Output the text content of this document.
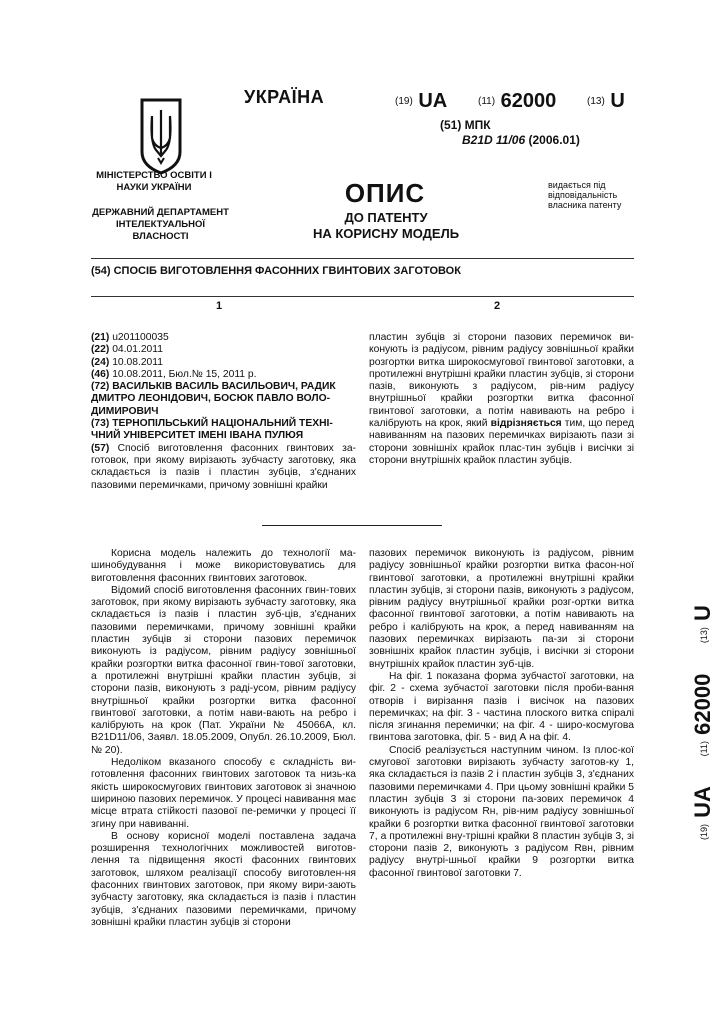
УКРАЇНА
МІНІСТЕРСТВО ОСВІТИ І НАУКИ УКРАЇНИ
ДЕРЖАВНИЙ ДЕПАРТАМЕНТ ІНТЕЛЕКТУАЛЬНОЇ ВЛАСНОСТІ
(19) UA	(11) 62000	(13) U
(51) МПК
B21D 11/06 (2006.01)
ОПИС
ДО ПАТЕНТУ
НА КОРИСНУ МОДЕЛЬ
видається під відповідальність власника патенту
(54) СПОСІБ ВИГОТОВЛЕННЯ ФАСОННИХ ГВИНТОВИХ ЗАГОТОВОК
1	2
(21) u201100035
(22) 04.01.2011
(24) 10.08.2011
(46) 10.08.2011, Бюл.№ 15, 2011 р.
(72) ВАСИЛЬКІВ ВАСИЛЬ ВАСИЛЬОВИЧ, РАДИК ДМИТРО ЛЕОНІДОВИЧ, БОСЮК ПАВЛО ВОЛО-ДИМИРОВИЧ
(73) ТЕРНОПІЛЬСЬКИЙ НАЦІОНАЛЬНИЙ ТЕХНІ-ЧНИЙ УНІВЕРСИТЕТ ІМЕНІ ІВАНА ПУЛЮЯ
(57) Спосіб виготовлення фасонних гвинтових за-готовок, при якому вирізають зубчасту заготовку, яка складається із пазів і пластин зубців, з'єднаних пазовими перемичками, причому зовнішні крайки
пластин зубців зі сторони пазових перемичок ви-конують із радіусом, рівним радіусу зовнішньої крайки розгортки витка широкосмугової гвинтової заготовки, а протилежні внутрішні крайки пластин зубців, зі сторони пазів, виконують з радіусом, рів-ним радіусу внутрішньої крайки розгортки витка фасонної гвинтової заготовки, а потім навивають на ребро і калібрують на крок, який відрізняється тим, що перед навиванням на пазових перемичках вирізають пази зі сторони зовнішніх крайок плас-тин зубців і висічки зі сторони внутрішніх крайок пластин зубців.

Корисна модель належить до технології ма-шинобудування і може використовуватись для виготовлення фасонних гвинтових заготовок.

Відомий спосіб виготовлення фасонних гвин-тових заготовок, при якому вирізають зубчасту заготовку, яка складається із пазів і пластин зуб-ців, з'єднаних пазовими перемичками, причому зовнішні крайки пластин зубців зі сторони пазових перемичок виконують із радіусом, рівним радіусу зовнішньої крайки розгортки витка фасонної гвин-тової заготовки, а протилежні внутрішні крайки пластин зубців, зі сторони пазів, виконують з раді-усом, рівним радіусу внутрішньої крайки розгортки витка фасонної гвинтової заготовки, а потім нави-вають на ребро і калібрують на крок (Пат. України № 45066А, кл. B21D11/06, Заявл. 18.05.2009, Опубл. 26.10.2009, Бюл. № 20).

Недоліком вказаного способу є складність ви-готовлення фасонних гвинтових заготовок та низь-ка якість широкосмугових гвинтових заготовок зі значною шириною пазових перемичок. У процесі навивання має місце втрата стійкості пазової пе-ремички у процесі її згину при навиванні.

В основу корисної моделі поставлена задача розширення технологічних можливостей виготов-лення та підвищення якості фасонних гвинтових заготовок, шляхом реалізації способу виготовлен-ня фасонних гвинтових заготовок, при якому вири-зають зубчасту заготовку, яка складається із пазів і пластин зубців, з'єднаних пазовими перемичками, причому зовнішні крайки пластин зубців зі сторони

пазових перемичок виконують із радіусом, рівним радіусу зовнішньої крайки розгортки витка фасон-ної гвинтової заготовки, а протилежні внутрішні крайки пластин зубців, зі сторони пазів, виконують з радіусом, рівним радіусу внутрішньої крайки розг-ортки витка фасонної гвинтової заготовки, а потім навивають на ребро і калібрують на крок, а перед навиванням на пазових перемичках вирізають па-зи зі сторони зовнішніх крайок пластин зубців, і висічки зі сторони внутрішніх крайок пластин зуб-ців.

На фіг. 1 показана форма зубчастої заготовки, на фіг. 2 - схема зубчастої заготовки після проби-вання отворів і вирізання пазів і висічок на пазових перемичках; на фіг. 3 - частина плоского витка спіралі після згинання перемички; на фіг. 4 - широ-космугова гвинтова заготовка, фіг. 5 - вид А на фіг. 4.

Спосіб реалізується наступним чином. Із плос-кої смугової заготовки вирізають зубчасту заготов-ку 1, яка складається із пазів 2 і пластин зубців 3, з'єднаних пазовими перемичками 4. При цьому зовнішні крайки 5 пластин зубців 3 зі сторони па-зових перемичок 4 виконують із радіусом Rн, рів-ним радіусу зовнішньої крайки 6 розгортки витка фасонної гвинтової заготовки 7, а протилежні вну-трішні крайки 8 пластин зубців 3, зі сторони пазів 2, виконують з радіусом Rвн, рівним радіусу внутрі-шньої крайки 9 розгортки витка фасонної гвинтової заготовки 7.

(19) UA     (11) 62000     (13) U
